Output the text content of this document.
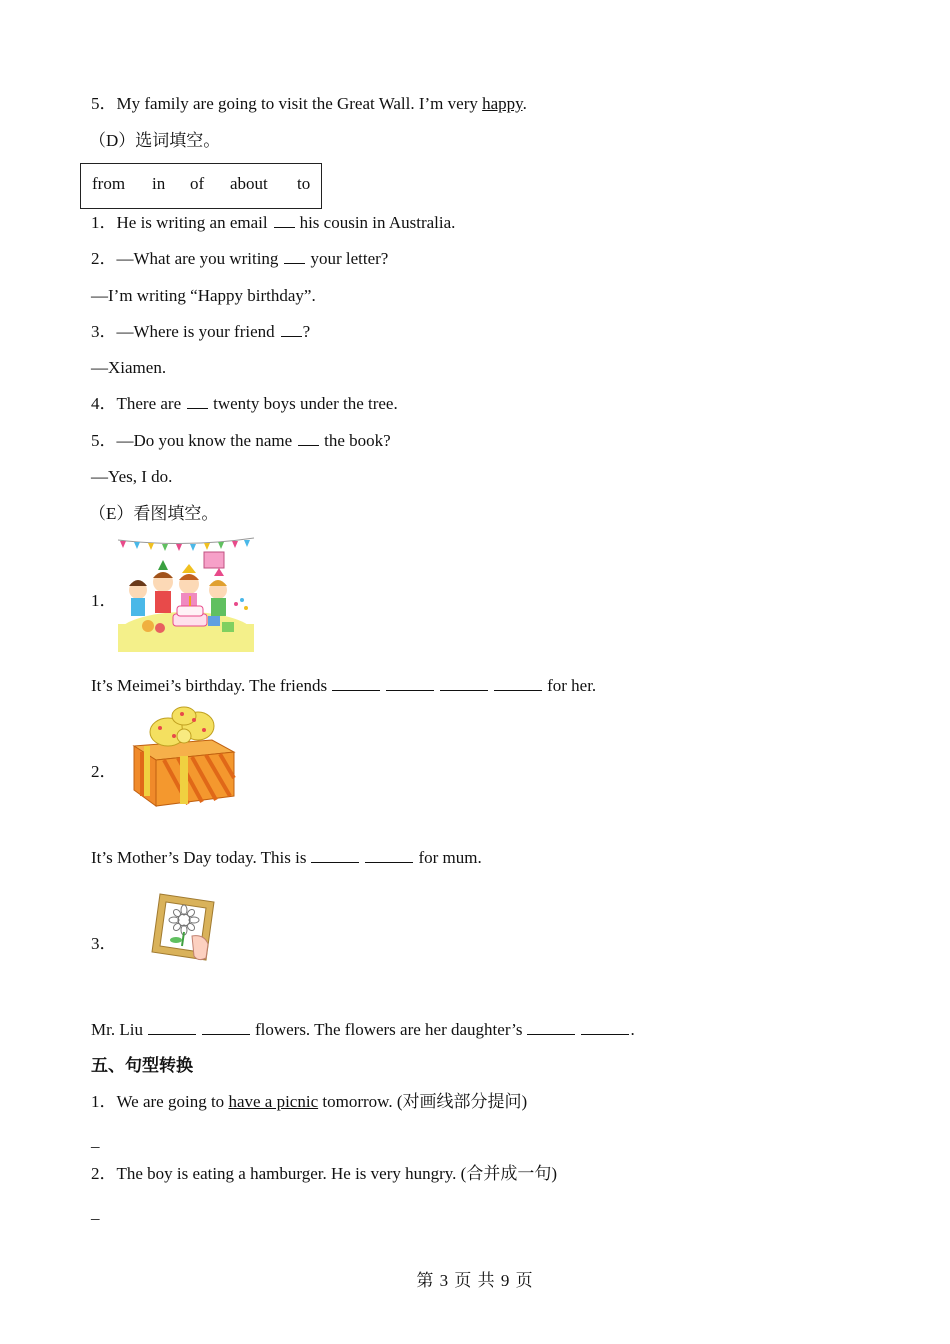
5．My family are going to visit the Great Wall. I’m very happy.
（D）选词填空。
from in of about to
1．He is writing an email his cousin in Australia.
2．—What are you writing your letter?
—I’m writing “Happy birthday”.
3．—Where is your friend ?
—Xiamen.
4．There are twenty boys under the tree.
5．—Do you know the name the book?
—Yes, I do.
（E）看图填空。
1．
It’s Meimei’s birthday. The friends	for her.
2．
It’s Mother’s Day today. This is	for mum.
3．
Mr. Liu	flowers. The flowers are her daughter’s	.
五、句型转换
1．We are going to have a picnic tomorrow. (对画线部分提问)
_
2．The boy is eating a hamburger. He is very hungry. (合并成一句)
_
第 3 页 共 9 页
